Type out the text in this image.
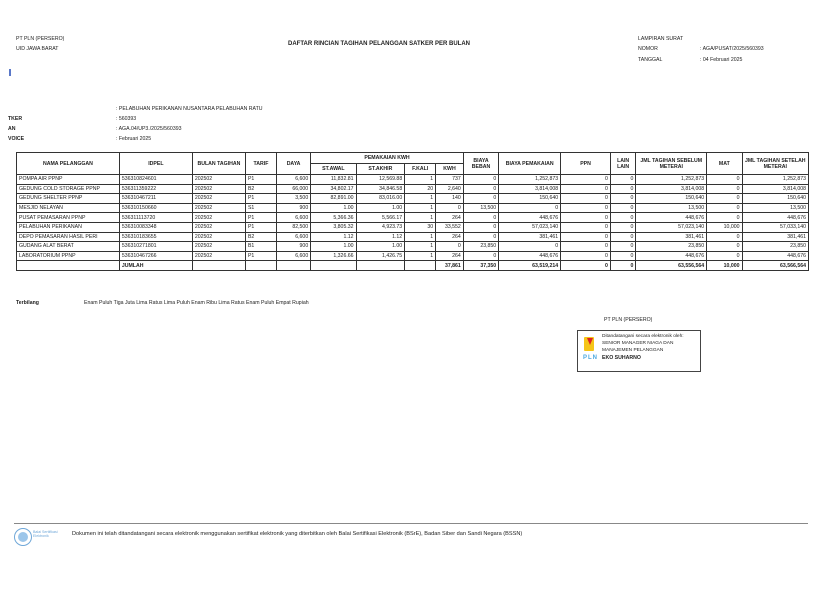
PT PLN (PERSERO)
UID JAWA BARAT
DAFTAR RINCIAN TAGIHAN PELANGGAN SATKER PER BULAN
LAMPIRAN SURAT
NOMOR	: AGA/PUSAT/2025/560393
TANGGAL	: 04 Februari 2025
: PELABUHAN PERIKANAN NUSANTARA PELABUHAN RATU
TKER	: 560393
AN	: AGA.04/UP3./2025/560393
VOICE	: Februari 2025
NAMA PELANGGAN	IDPEL	BULAN TAGIHAN	TARIF	DAYA	PEMAKAIAN KWH				BIAYA BEBAN	BIAYA PEMAKAIAN	PPN	LAIN LAIN	JML TAGIHAN SEBELUM METERAI	MAT	JML TAGIHAN SETELAH METERAI
					ST.AWAL	ST.AKHIR	F.KALI	KWH							
POMPA AIR PPNP	536310824601	202502	P1	6,600	11,832.81	12,569.88	1	737	0	1,252,873	0	0	1,252,873	0	1,252,873
GEDUNG COLD STORAGE PPNP	536311359222	202502	B2	66,000	34,802.17	34,846.58	20	2,640	0	3,814,008	0	0	3,814,008	0	3,814,008
GEDUNG SHELTER PPNP	536310467211	202502	P1	3,500	82,891.00	83,016.00	1	140	0	150,640	0	0	150,640	0	150,640
MESJID NELAYAN	536310150660	202502	S1	900	1.00	1.00	1	0	13,500	0	0	0	13,500	0	13,500
PUSAT PEMASARAN PPNP	536311113720	202502	P1	6,600	5,366.36	5,566.17	1	264	0	448,676	0	0	448,676	0	448,676
PELABUHAN PERIKANAN	536310083348	202502	P1	82,500	3,805.32	4,923.73	30	33,552	0	57,023,140	0	0	57,023,140	10,000	57,033,140
DEPO PEMASARAN HASIL PERI	536310183655	202502	B2	6,600	1.12	1.12	1	264	0	381,461	0	0	381,461	0	381,461
GUDANG ALAT BERAT	536310271801	202502	B1	900	1.00	1.00	1	0	23,850	0	0	0	23,850	0	23,850
LABORATORIUM PPNP	536310467266	202502	P1	6,600	1,326.66	1,426.75	1	264	0	448,676	0	0	448,676	0	448,676
	JUMLAH							37,861	37,350	63,519,214	0	0	63,556,564	10,000	63,566,564
Terbilang	Enam Puluh Tiga Juta Lima Ratus Lima Puluh Enam Ribu Lima Ratus Enam Puluh Empat Rupiah
PT PLN (PERSERO)
PLN
Ditandatangani secara elektronik oleh:
SENIOR MANAGER NIAGA DAN
MANAJEMEN PELANGGAN
EKO SUHARNO
Balai Sertifikasi Elektronik	Dokumen ini telah ditandatangani secara elektronik menggunakan sertifikat elektronik yang diterbitkan oleh Balai Sertifikasi Elektronik (BSrE), Badan Siber dan Sandi Negara (BSSN)
